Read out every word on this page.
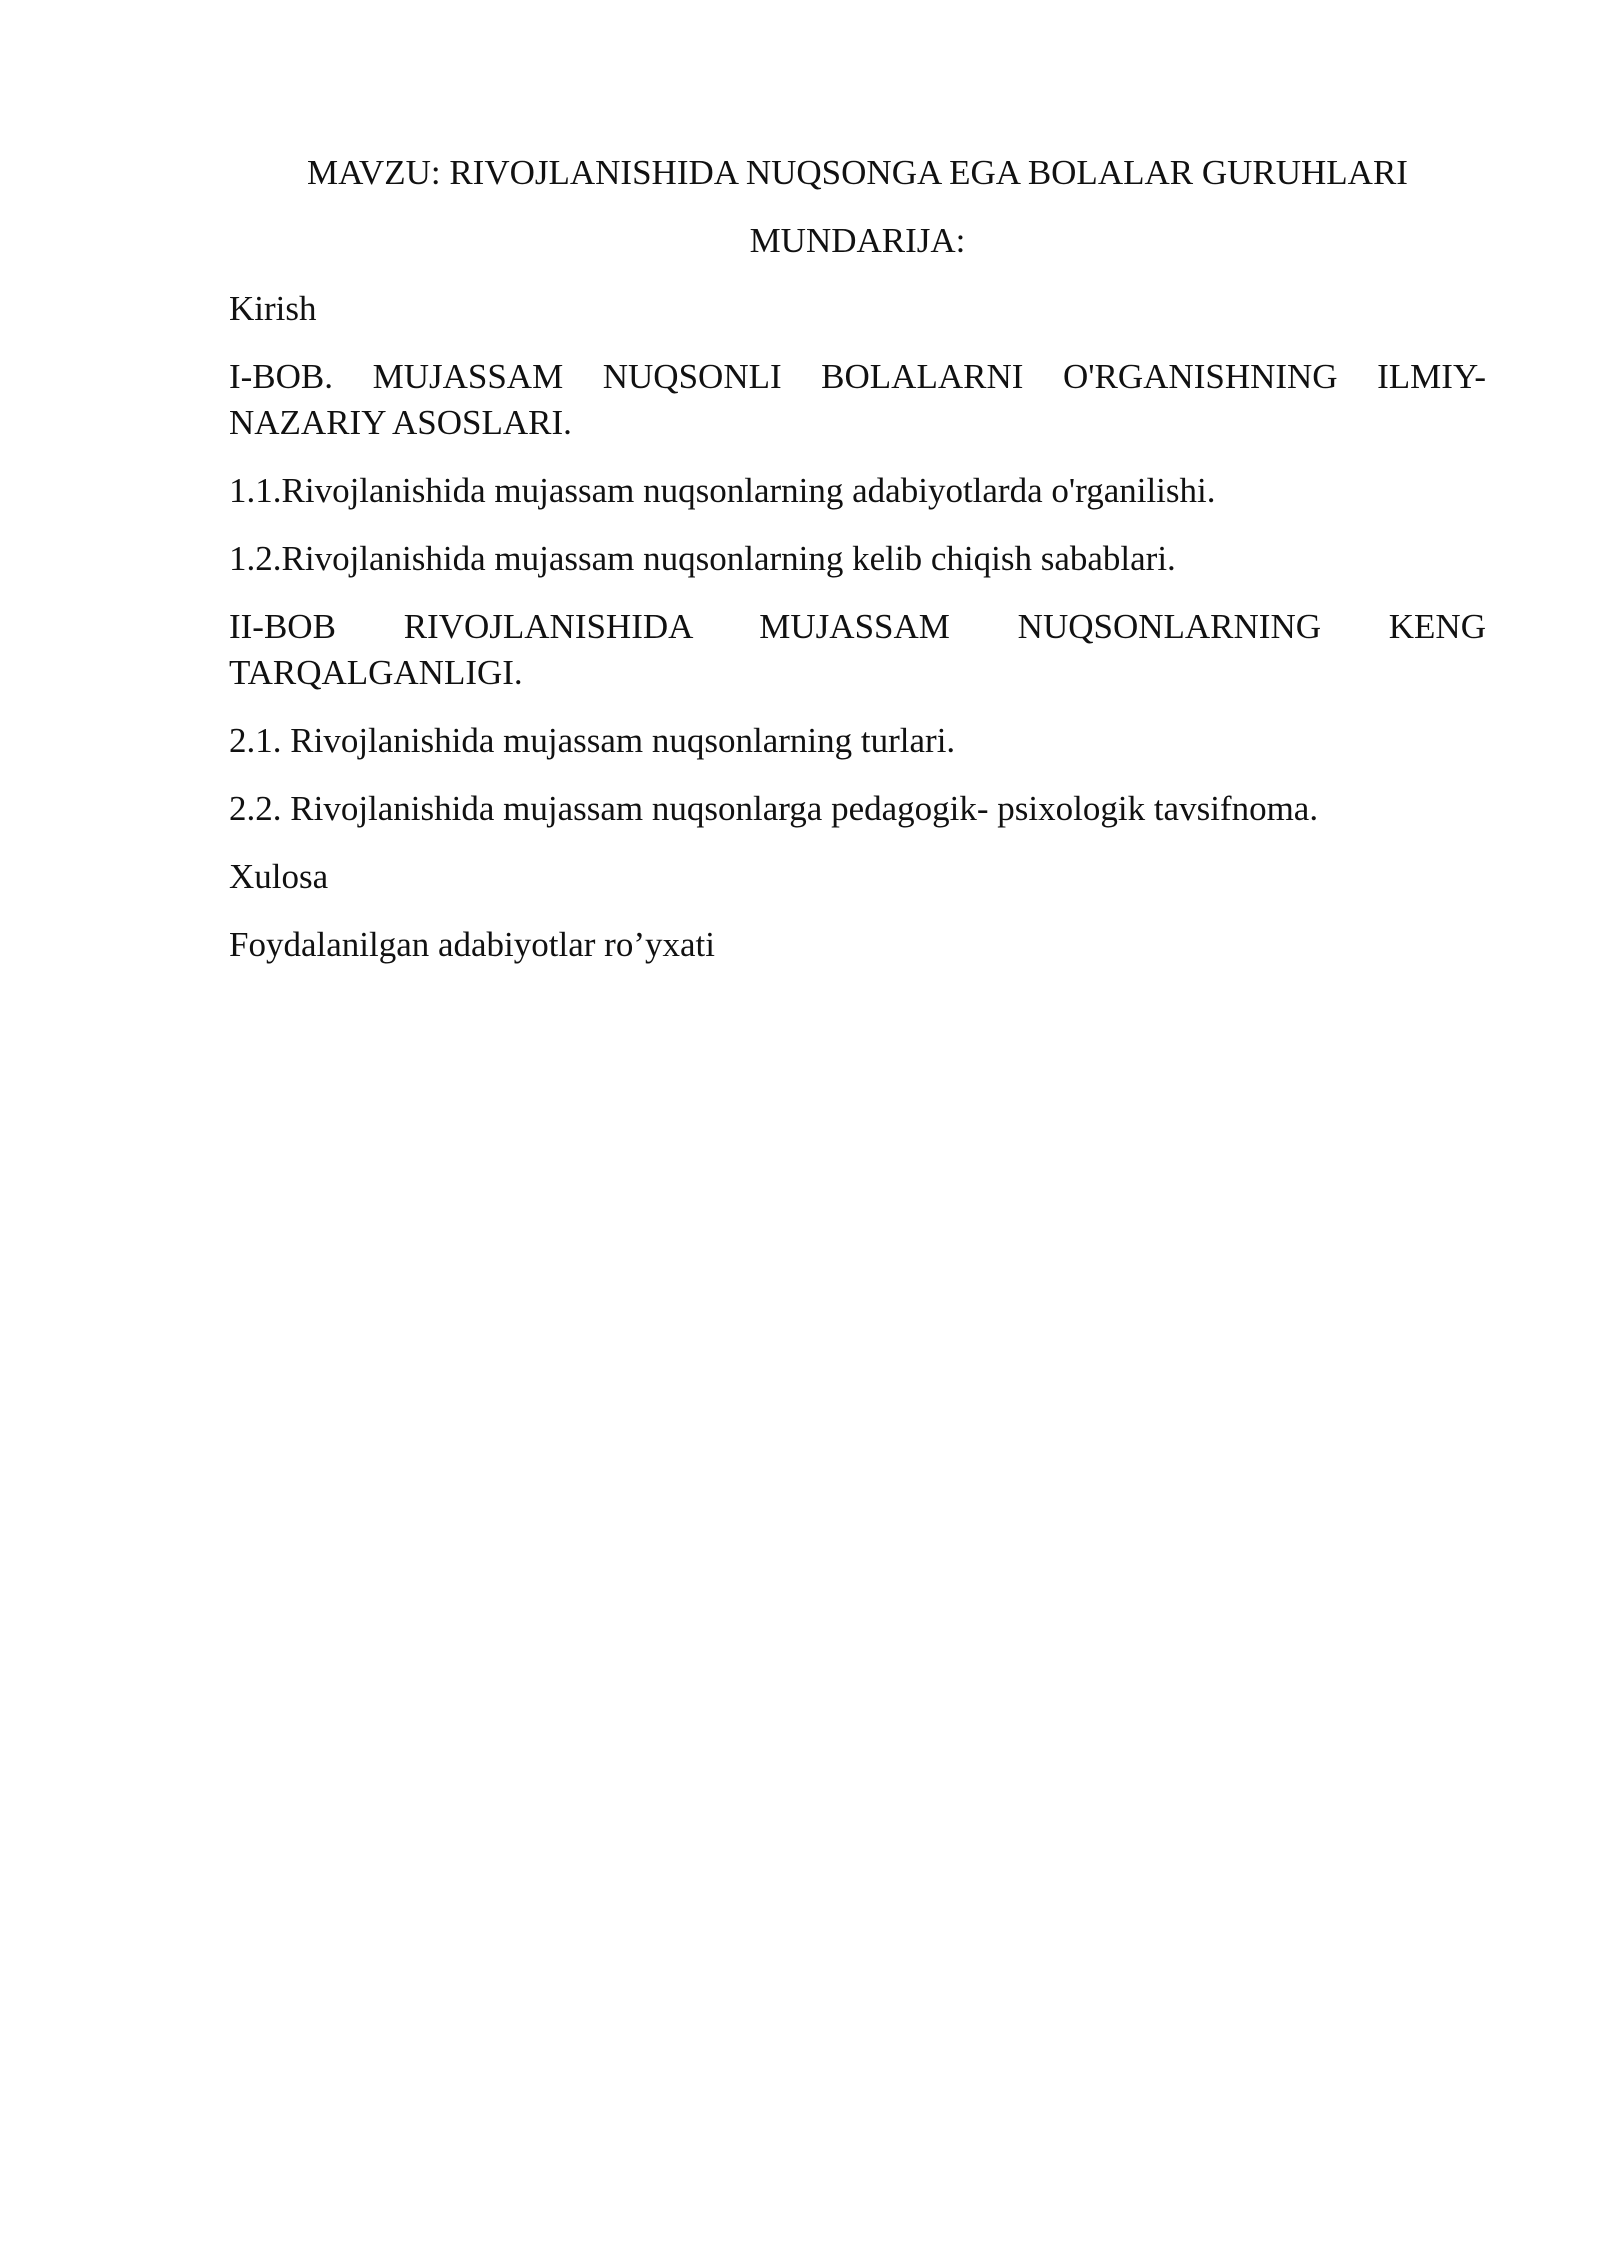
MAVZU: RIVOJLANISHIDA NUQSONGA EGA BOLALAR GURUHLARI

MUNDARIJA:

Kirish
I-BOB. MUJASSAM NUQSONLI BOLALARNI O'RGANISHNING ILMIY-NAZARIY ASOSLARI.
1.1.Rivojlanishida mujassam nuqsonlarning adabiyotlarda o'rganilishi.
1.2.Rivojlanishida mujassam nuqsonlarning kelib chiqish sabablari.
II-BOB RIVOJLANISHIDA MUJASSAM NUQSONLARNING KENG TARQALGANLIGI.
2.1. Rivojlanishida mujassam nuqsonlarning turlari.
2.2. Rivojlanishida mujassam nuqsonlarga pedagogik- psixologik tavsifnoma.
Xulosa
Foydalanilgan adabiyotlar ro’yxati
